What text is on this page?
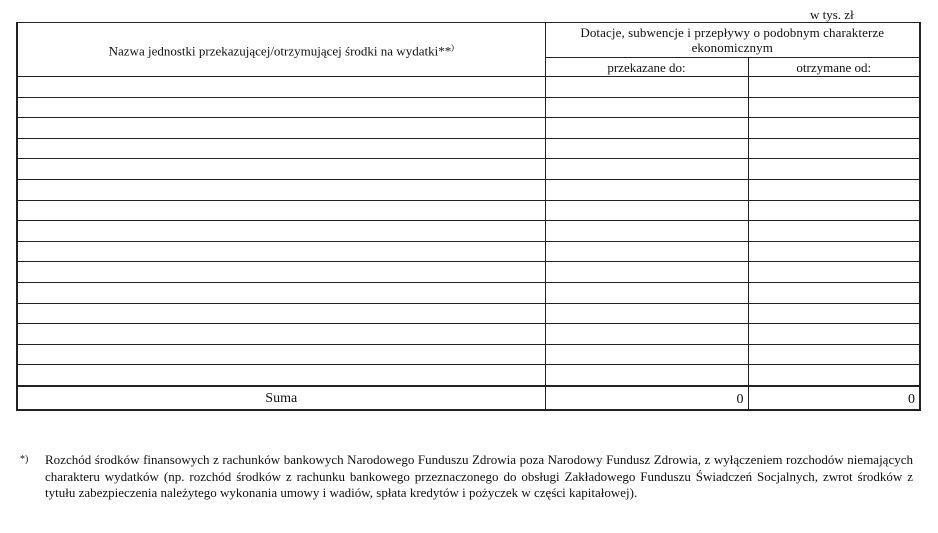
w tys. zł
Nazwa jednostki przekazującej/otrzymującej środki na wydatki**)	Dotacje, subwencje i przepływy o podobnym charakterze ekonomicznym	
	przekazane do:	otrzymane od:

Suma	0	0
*) Rozchód środków finansowych z rachunków bankowych Narodowego Funduszu Zdrowia poza Narodowy Fundusz Zdrowia, z wyłączeniem rozchodów niemających charakteru wydatków (np. rozchód środków z rachunku bankowego przeznaczonego do obsługi Zakładowego Funduszu Świadczeń Socjalnych, zwrot środków z tytułu zabezpieczenia należytego wykonania umowy i wadiów, spłata kredytów i pożyczek w części kapitałowej).
